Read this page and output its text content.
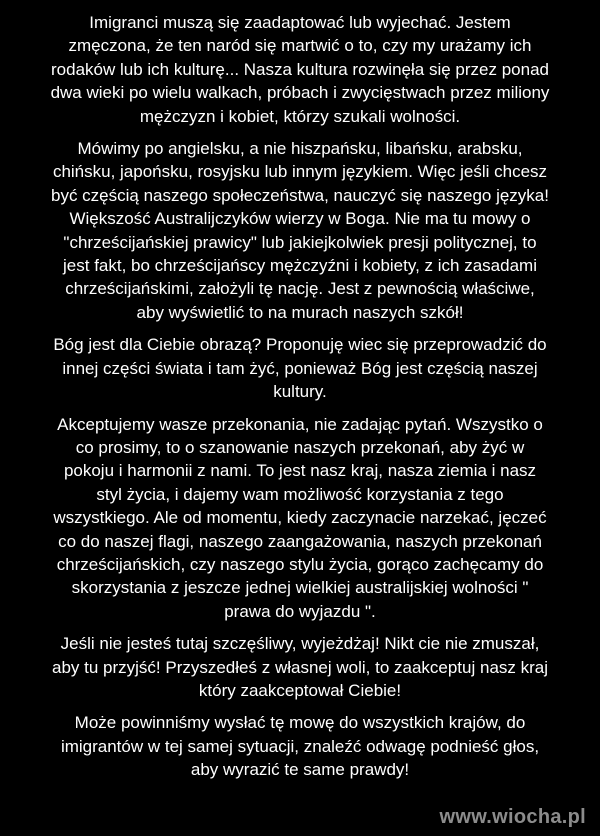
Imigranci muszą się zaadaptować lub wyjechać. Jestem
zmęczona, że ten naród się martwić o to, czy my urażamy ich
rodaków lub ich kulturę... Nasza kultura rozwinęła się przez ponad
dwa wieki po wielu walkach, próbach i zwycięstwach przez miliony
mężczyzn i kobiet, którzy szukali wolności.

Mówimy po angielsku, a nie hiszpańsku, libańsku, arabsku,
chińsku, japońsku, rosyjsku lub innym językiem. Więc jeśli chcesz
być częścią naszego społeczeństwa, nauczyć się naszego języka!
Większość Australijczyków wierzy w Boga. Nie ma tu mowy o
"chrześcijańskiej prawicy" lub jakiejkolwiek presji politycznej, to
jest fakt, bo chrześcijańscy mężczyźni i kobiety, z ich zasadami
chrześcijańskimi, założyli tę nację. Jest z pewnością właściwe,
aby wyświetlić to na murach naszych szkół!

Bóg jest dla Ciebie obrazą? Proponuję wiec się przeprowadzić do
innej części świata i tam żyć, ponieważ Bóg jest częścią naszej
kultury.

Akceptujemy wasze przekonania, nie zadając pytań. Wszystko o
co prosimy, to o szanowanie naszych przekonań, aby żyć w
pokoju i harmonii z nami. To jest nasz kraj, nasza ziemia i nasz
styl życia, i dajemy wam możliwość korzystania z tego
wszystkiego. Ale od momentu, kiedy zaczynacie narzekać, jęczeć
co do naszej flagi, naszego zaangażowania, naszych przekonań
chrześcijańskich, czy naszego stylu życia, gorąco zachęcamy do
skorzystania z jeszcze jednej wielkiej australijskiej wolności "
prawa do wyjazdu ".

Jeśli nie jesteś tutaj szczęśliwy, wyjeżdżaj! Nikt cie nie zmuszał,
aby tu przyjść! Przyszedłeś z własnej woli, to zaakceptuj nasz kraj
który zaakceptował Ciebie!

Może powinniśmy wysłać tę mowę do wszystkich krajów, do
imigrantów w tej samej sytuacji, znaleźć odwagę podnieść głos,
aby wyrazić te same prawdy!

www.wiocha.pl
